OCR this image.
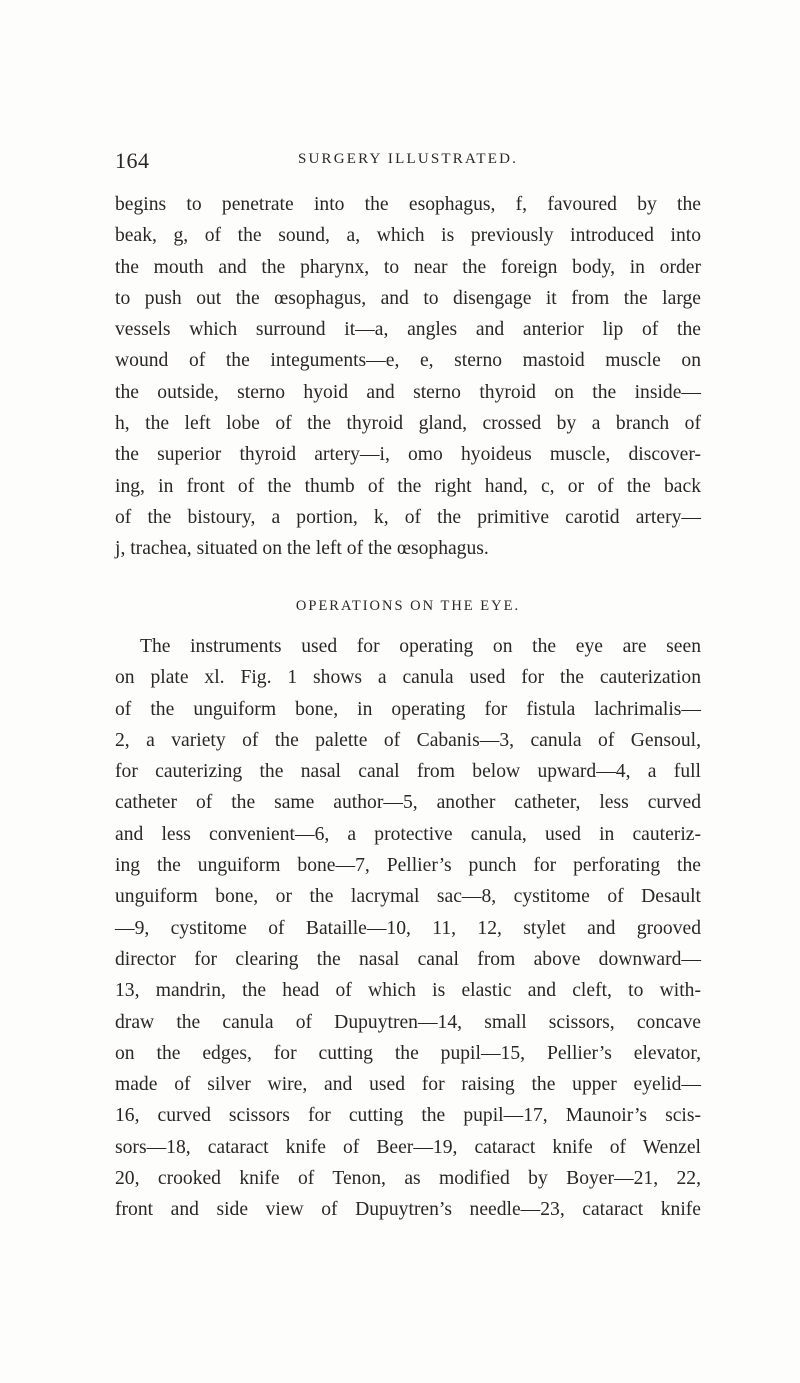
164	SURGERY ILLUSTRATED.
begins to penetrate into the esophagus, f, favoured by the
beak, g, of the sound, a, which is previously introduced into
the mouth and the pharynx, to near the foreign body, in order
to push out the œsophagus, and to disengage it from the large
vessels which surround it—a, angles and anterior lip of the
wound of the integuments—e, e, sterno mastoid muscle on
the outside, sterno hyoid and sterno thyroid on the inside—
h, the left lobe of the thyroid gland, crossed by a branch of
the superior thyroid artery—i, omo hyoideus muscle, discover-
ing, in front of the thumb of the right hand, c, or of the back
of the bistoury, a portion, k, of the primitive carotid artery—
j, trachea, situated on the left of the œsophagus.
OPERATIONS ON THE EYE.
The instruments used for operating on the eye are seen
on plate xl. Fig. 1 shows a canula used for the cauterization
of the unguiform bone, in operating for fistula lachrimalis—
2, a variety of the palette of Cabanis—3, canula of Gensoul,
for cauterizing the nasal canal from below upward—4, a full
catheter of the same author—5, another catheter, less curved
and less convenient—6, a protective canula, used in cauteriz-
ing the unguiform bone—7, Pellier’s punch for perforating the
unguiform bone, or the lacrymal sac—8, cystitome of Desault
—9, cystitome of Bataille—10, 11, 12, stylet and grooved
director for clearing the nasal canal from above downward—
13, mandrin, the head of which is elastic and cleft, to with-
draw the canula of Dupuytren—14, small scissors, concave
on the edges, for cutting the pupil—15, Pellier’s elevator,
made of silver wire, and used for raising the upper eyelid—
16, curved scissors for cutting the pupil—17, Maunoir’s scis-
sors—18, cataract knife of Beer—19, cataract knife of Wenzel
20, crooked knife of Tenon, as modified by Boyer—21, 22,
front and side view of Dupuytren’s needle—23, cataract knife
